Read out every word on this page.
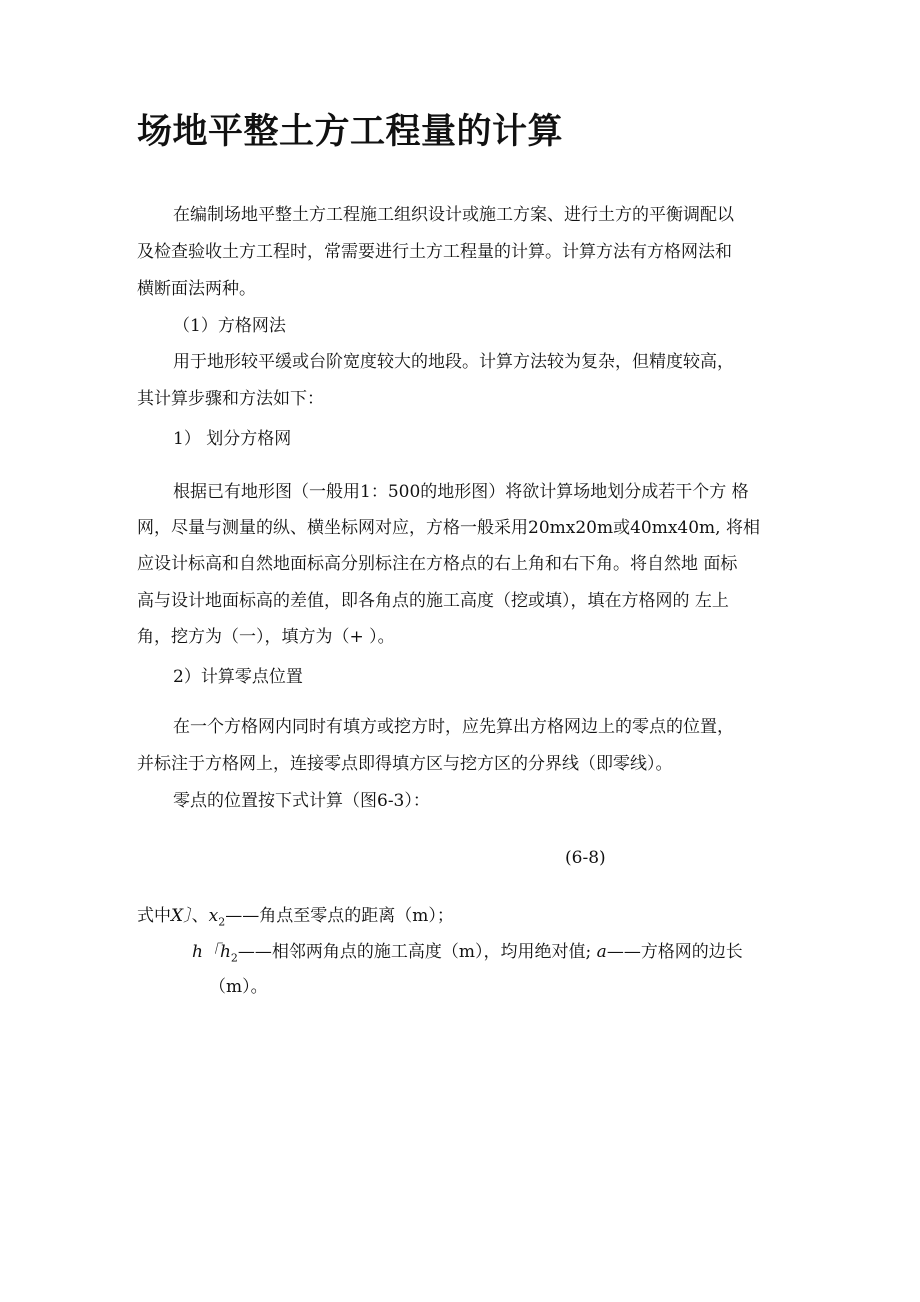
场地平整土方工程量的计算
在编制场地平整土方工程施工组织设计或施工方案、进行土方的平衡调配以
及检查验收土方工程时，常需要进行土方工程量的计算。计算方法有方格网法和
横断面法两种。
（1）方格网法
用于地形较平缓或台阶宽度较大的地段。计算方法较为复杂，但精度较高，
其计算步骤和方法如下：
1） 划分方格网
根据已有地形图（一般用1：500的地形图）将欲计算场地划分成若干个方 格
网，尽量与测量的纵、横坐标网对应，方格一般采用20mx20m或40mx40m, 将相
应设计标高和自然地面标高分别标注在方格点的右上角和右下角。将自然地 面标
高与设计地面标高的差值，即各角点的施工高度（挖或填），填在方格网的 左上
角，挖方为（一），填方为（+ ）。
2）计算零点位置
在一个方格网内同时有填方或挖方时，应先算出方格网边上的零点的位置，
并标注于方格网上，连接零点即得填方区与挖方区的分界线（即零线）。
零点的位置按下式计算（图6-3）：
(6-8)
式中X〕、$x_2——$角点至零点的距离（m）；
h「$h_2——$相邻两角点的施工高度（m），均用绝对值; a——方格网的边长
（m）。
